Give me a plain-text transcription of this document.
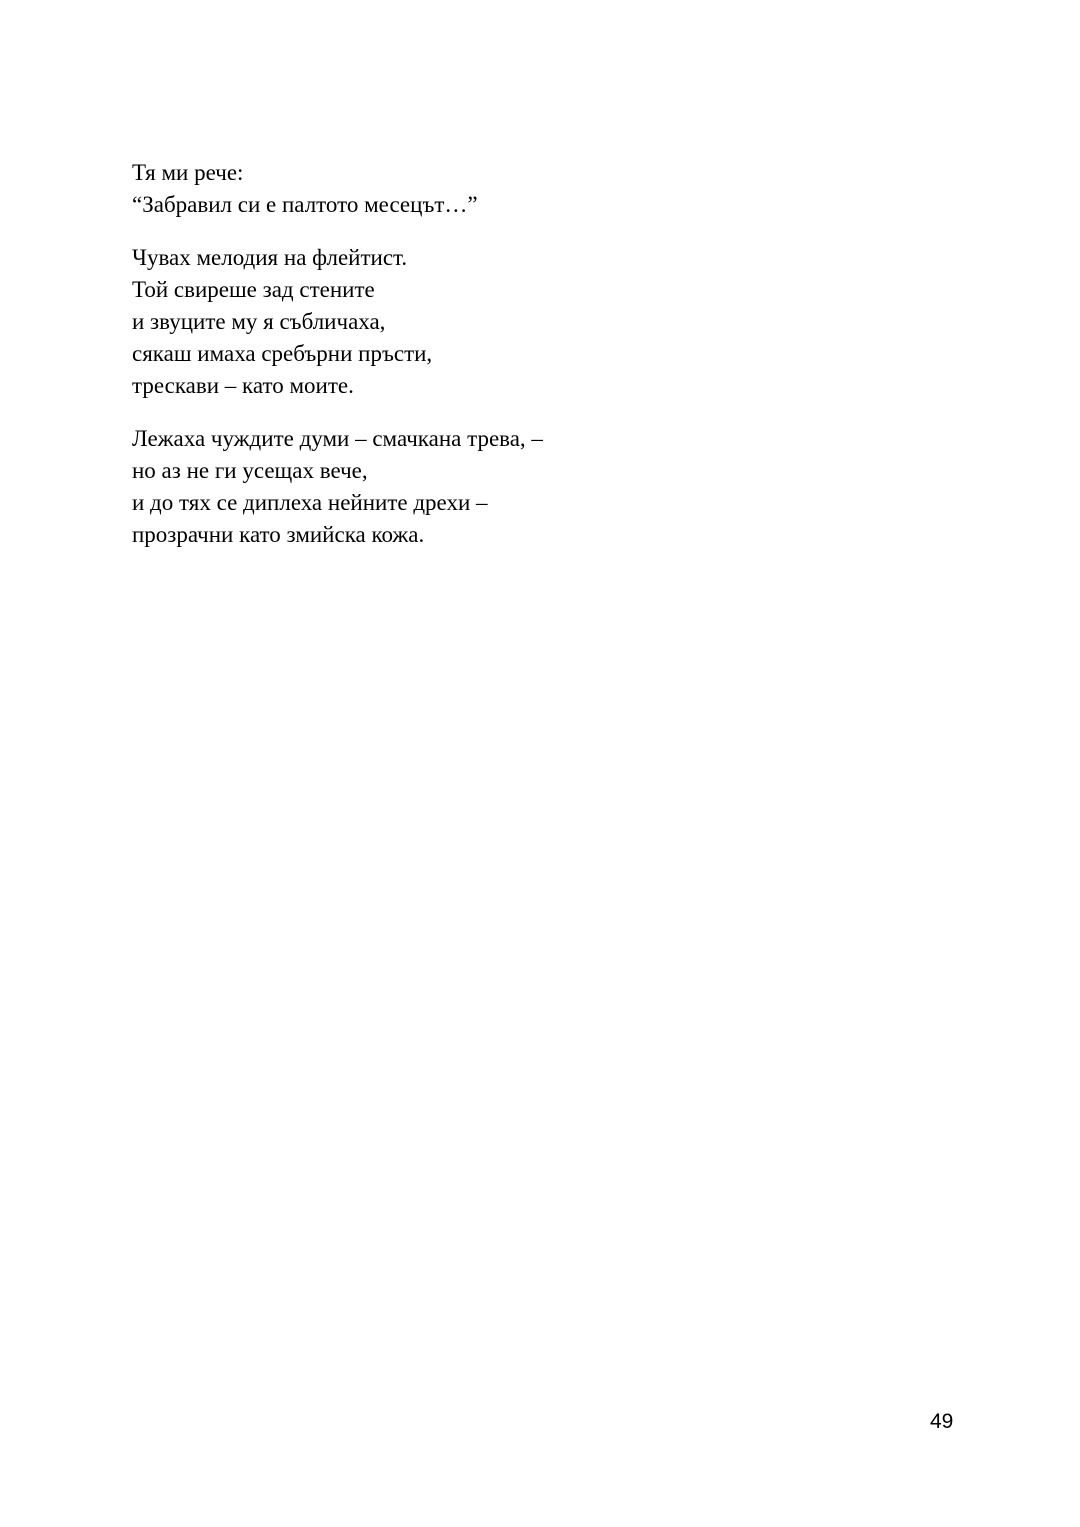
Тя ми рече:
“Забравил си е палтото месецът…”
Чувах мелодия на флейтист.
Той свиреше зад стените
и звуците му я събличаха,
сякаш имаха сребърни пръсти,
трескави – като моите.
Лежаха чуждите думи – смачкана трева, –
но аз не ги усещах вече,
и до тях се диплеха нейните дрехи –
прозрачни като змийска кожа.
49
